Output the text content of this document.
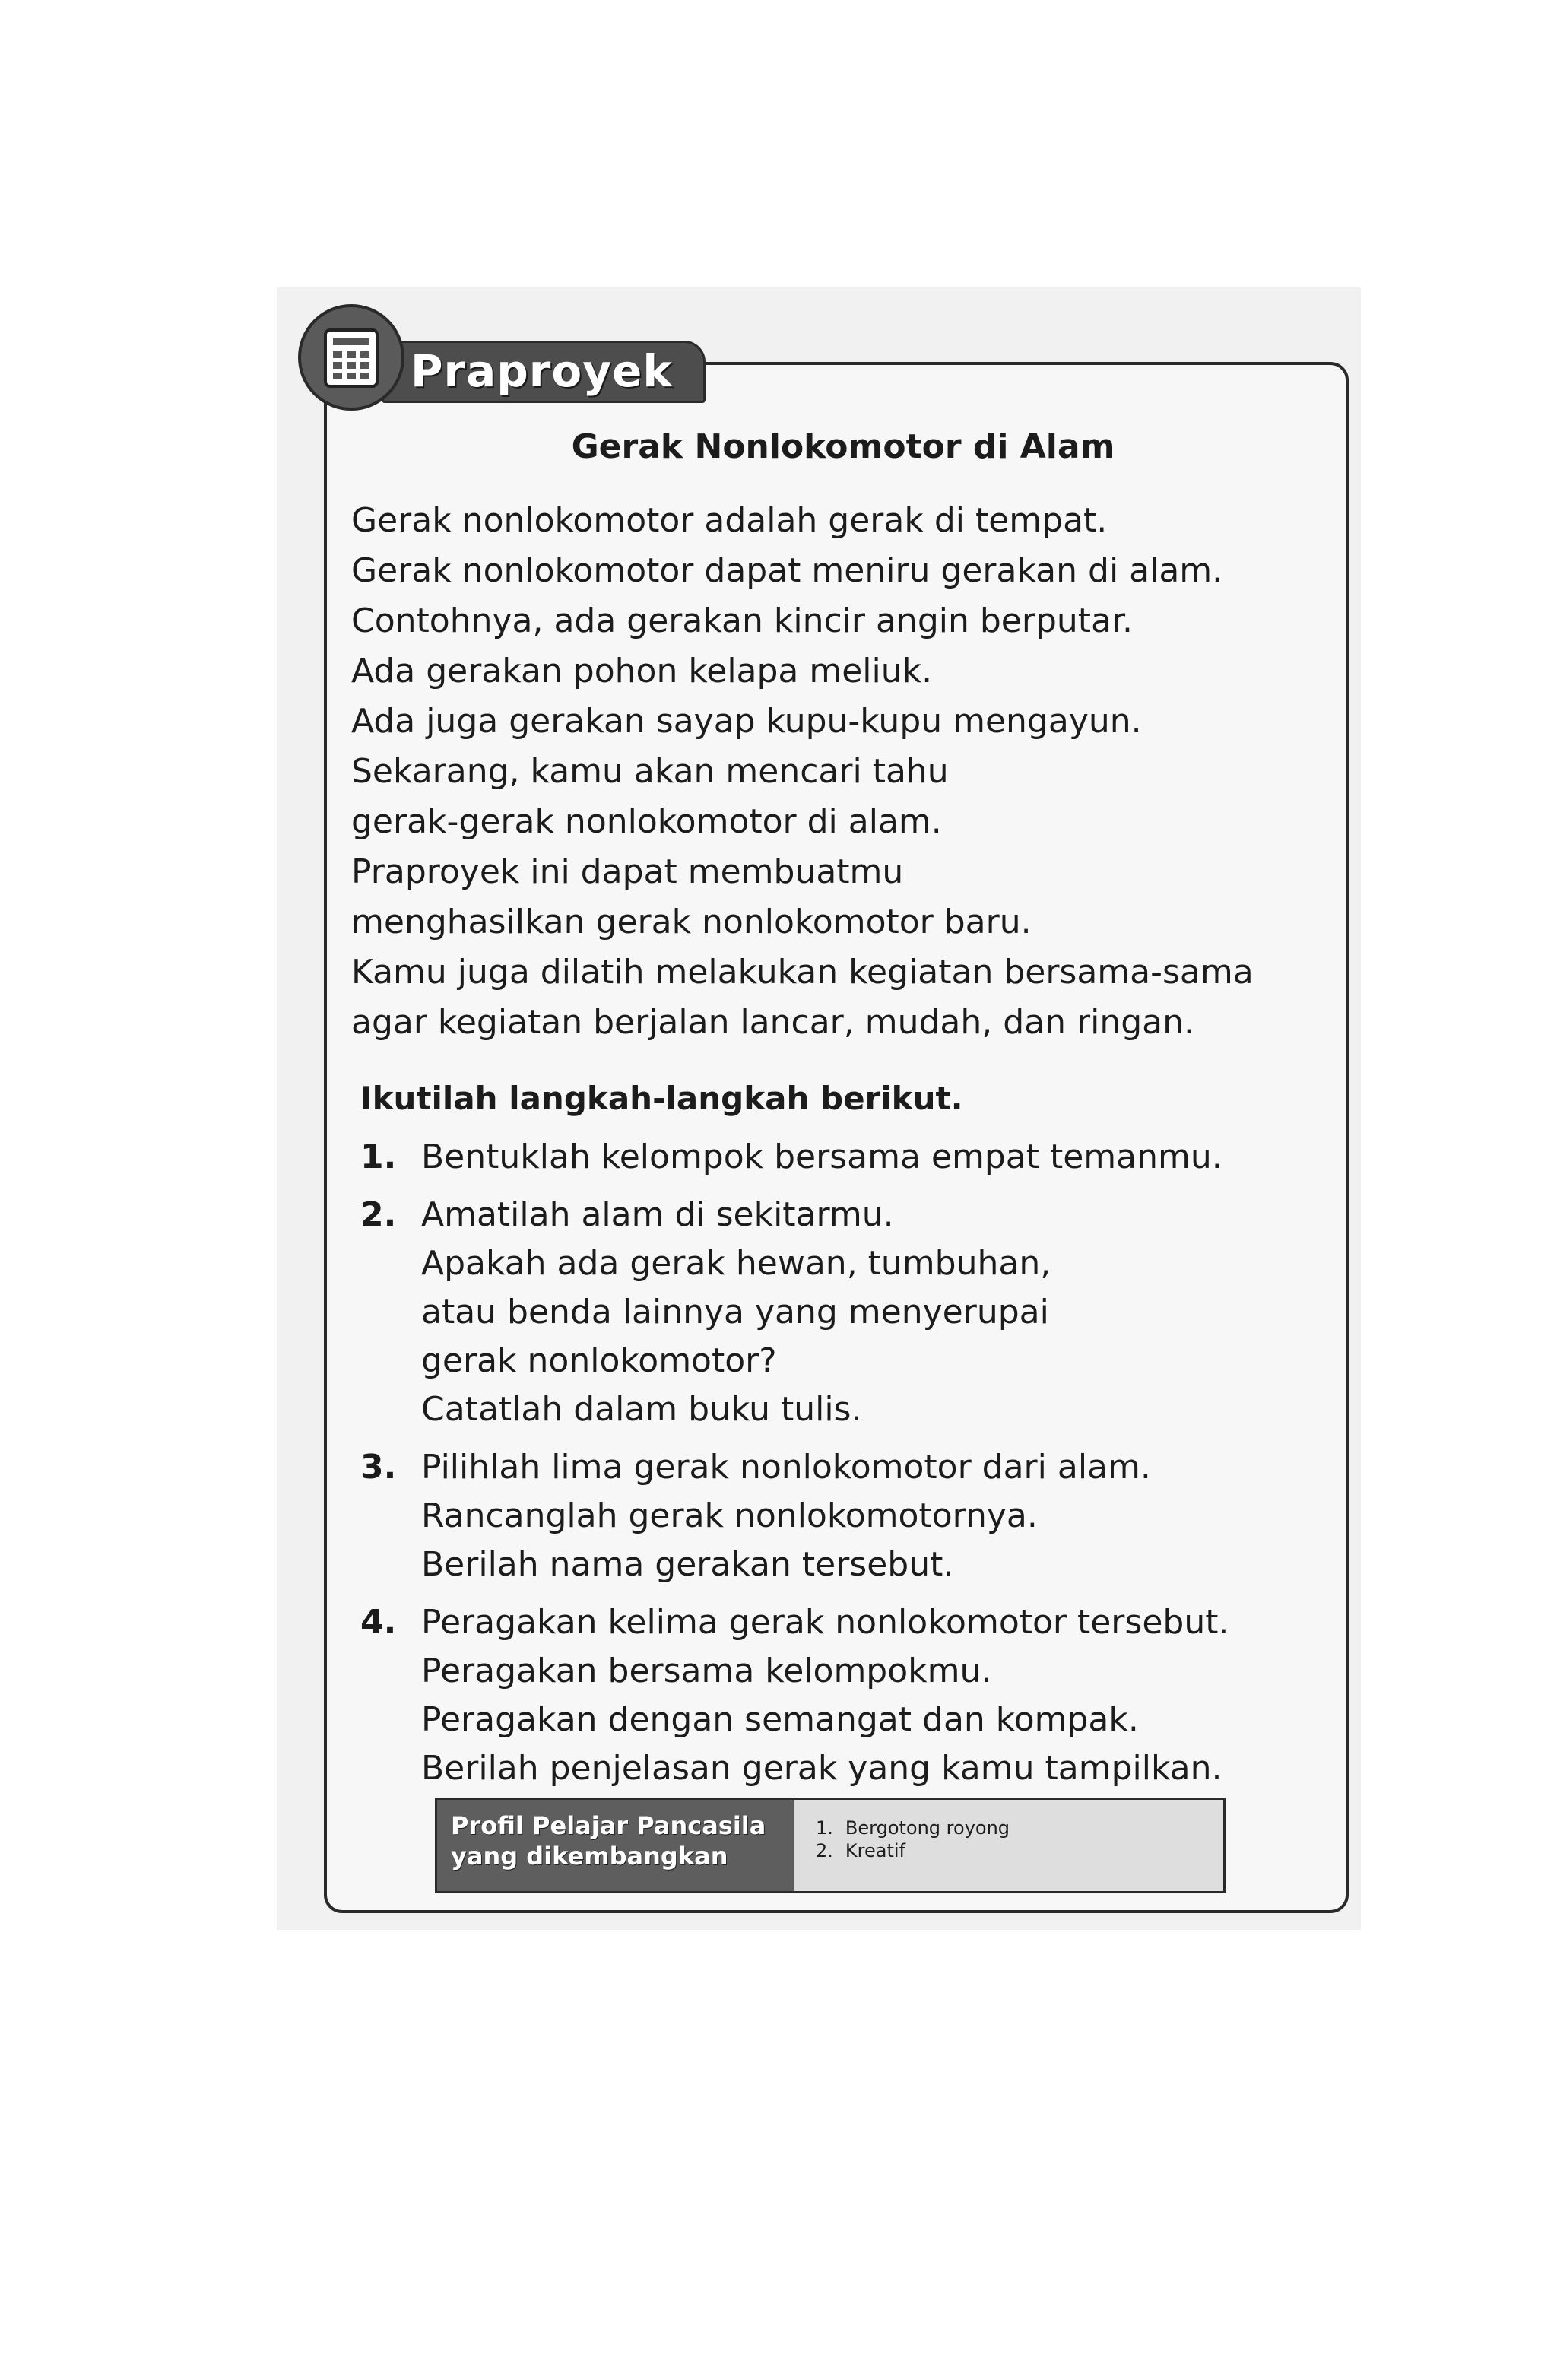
Praproyek
Gerak Nonlokomotor di Alam
Gerak nonlokomotor adalah gerak di tempat.
Gerak nonlokomotor dapat meniru gerakan di alam.
Contohnya, ada gerakan kincir angin berputar.
Ada gerakan pohon kelapa meliuk.
Ada juga gerakan sayap kupu-kupu mengayun.
Sekarang, kamu akan mencari tahu
gerak-gerak nonlokomotor di alam.
Praproyek ini dapat membuatmu
menghasilkan gerak nonlokomotor baru.
Kamu juga dilatih melakukan kegiatan bersama-sama
agar kegiatan berjalan lancar, mudah, dan ringan.
Ikutilah langkah-langkah berikut.
1. Bentuklah kelompok bersama empat temanmu.
2. Amatilah alam di sekitarmu.
Apakah ada gerak hewan, tumbuhan,
atau benda lainnya yang menyerupai
gerak nonlokomotor?
Catatlah dalam buku tulis.
3. Pilihlah lima gerak nonlokomotor dari alam.
Rancanglah gerak nonlokomotornya.
Berilah nama gerakan tersebut.
4. Peragakan kelima gerak nonlokomotor tersebut.
Peragakan bersama kelompokmu.
Peragakan dengan semangat dan kompak.
Berilah penjelasan gerak yang kamu tampilkan.
Profil Pelajar Pancasila
yang dikembangkan
1. Bergotong royong
2. Kreatif
